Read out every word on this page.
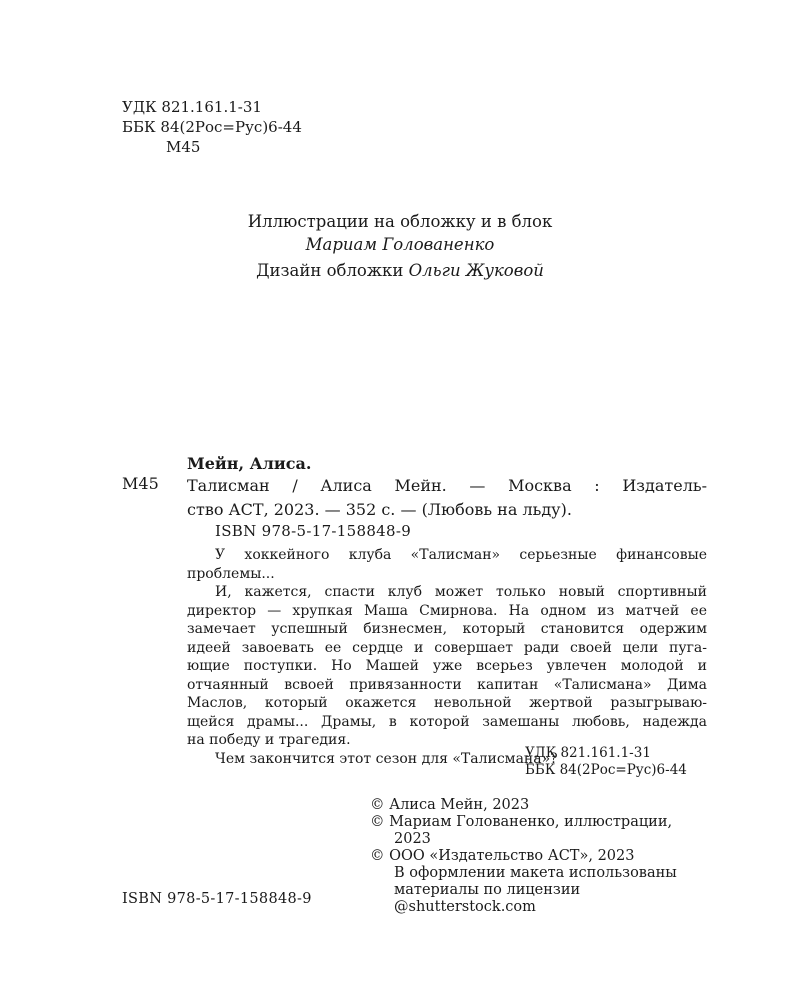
УДК 821.161.1-31
ББК 84(2Рос=Рус)6-44
М45
Иллюстрации на обложку и в блок
Мариам Голованенко
Дизайн обложки Ольги Жуковой
Мейн, Алиса.
М45 Талисман / Алиса Мейн. — Москва : Издатель-
ство АСТ, 2023. — 352 с. — (Любовь на льду).
ISBN 978-5-17-158848-9
У хоккейного клуба «Талисман» серьезные финансовые
проблемы...
И, кажется, спасти клуб может только новый спортивный
директор — хрупкая Маша Смирнова. На одном из матчей ее
замечает успешный бизнесмен, который становится одержим
идеей завоевать ее сердце и совершает ради своей цели пуга-
ющие поступки. Но Машей уже всерьез увлечен молодой и
отчаянный всвоей привязанности капитан «Талисмана» Дима
Маслов, который окажется невольной жертвой разыгрываю-
щейся драмы... Драмы, в которой замешаны любовь, надежда
на победу и трагедия.
Чем закончится этот сезон для «Талисмана»?
УДК 821.161.1-31
ББК 84(2Рос=Рус)6-44
© Алиса Мейн, 2023
© Мариам Голованенко, иллюстрации,
2023
© ООО «Издательство АСТ», 2023
В оформлении макета использованы
материалы по лицензии
@shutterstock.com
ISBN 978-5-17-158848-9
